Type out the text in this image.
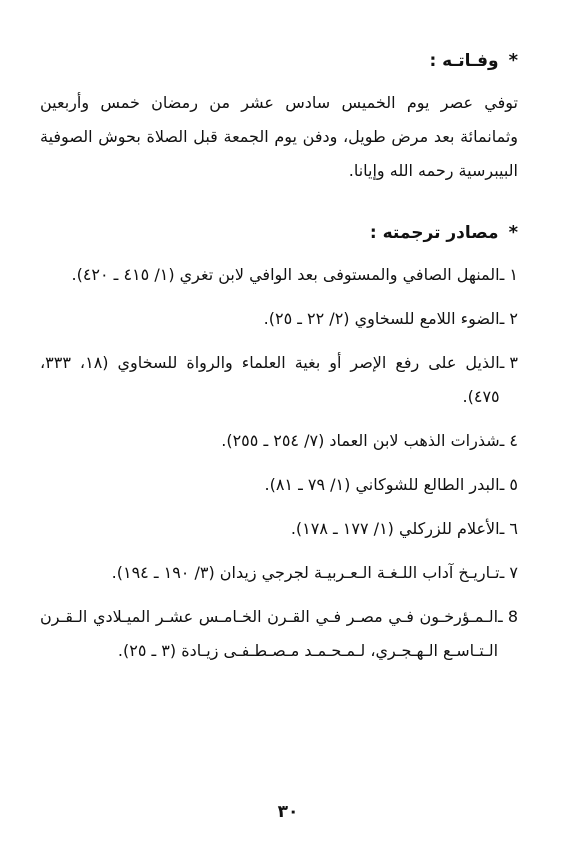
*
وفـاتـه :

توفي عصر يوم الخميس سادس عشر من رمضان خمس وأربعين وثمانمائة بعد مرض طويل، ودفن يوم الجمعة قبل الصلاة بحوش الصوفية البيبرسية رحمه الله وإيانا.

*
مصادر ترجمته :
١ ـ
المنهل الصافي والمستوفى بعد الوافي لابن تغري (١/ ٤١٥ ـ ٤٢٠).
٢ ـ
الضوء اللامع للسخاوي (٢/ ٢٢ ـ ٢٥).
٣ ـ
الذيل على رفع الإصر أو بغية العلماء والرواة للسخاوي (١٨، ٣٣٣، ٤٧٥).
٤ ـ
شذرات الذهب لابن العماد (٧/ ٢٥٤ ـ ٢٥٥).
٥ ـ
البدر الطالع للشوكاني (١/ ٧٩ ـ ٨١).
٦ ـ
الأعلام للزركلي (١/ ١٧٧ ـ ١٧٨).
٧ ـ
تـاريـخ آداب اللـغـة الـعـربيـة لجرجي زيدان (٣/ ١٩٠ ـ ١٩٤).
8 ـ
الـمـؤرخـون فـي مصـر فـي القـرن الخـامـس عشـر الميـلادي الـقـرن الـتـاسـع الـهـجـري، لـمـحـمـد مـصـطـفـى زيـادة (٣ ـ ٢٥).
٣٠
